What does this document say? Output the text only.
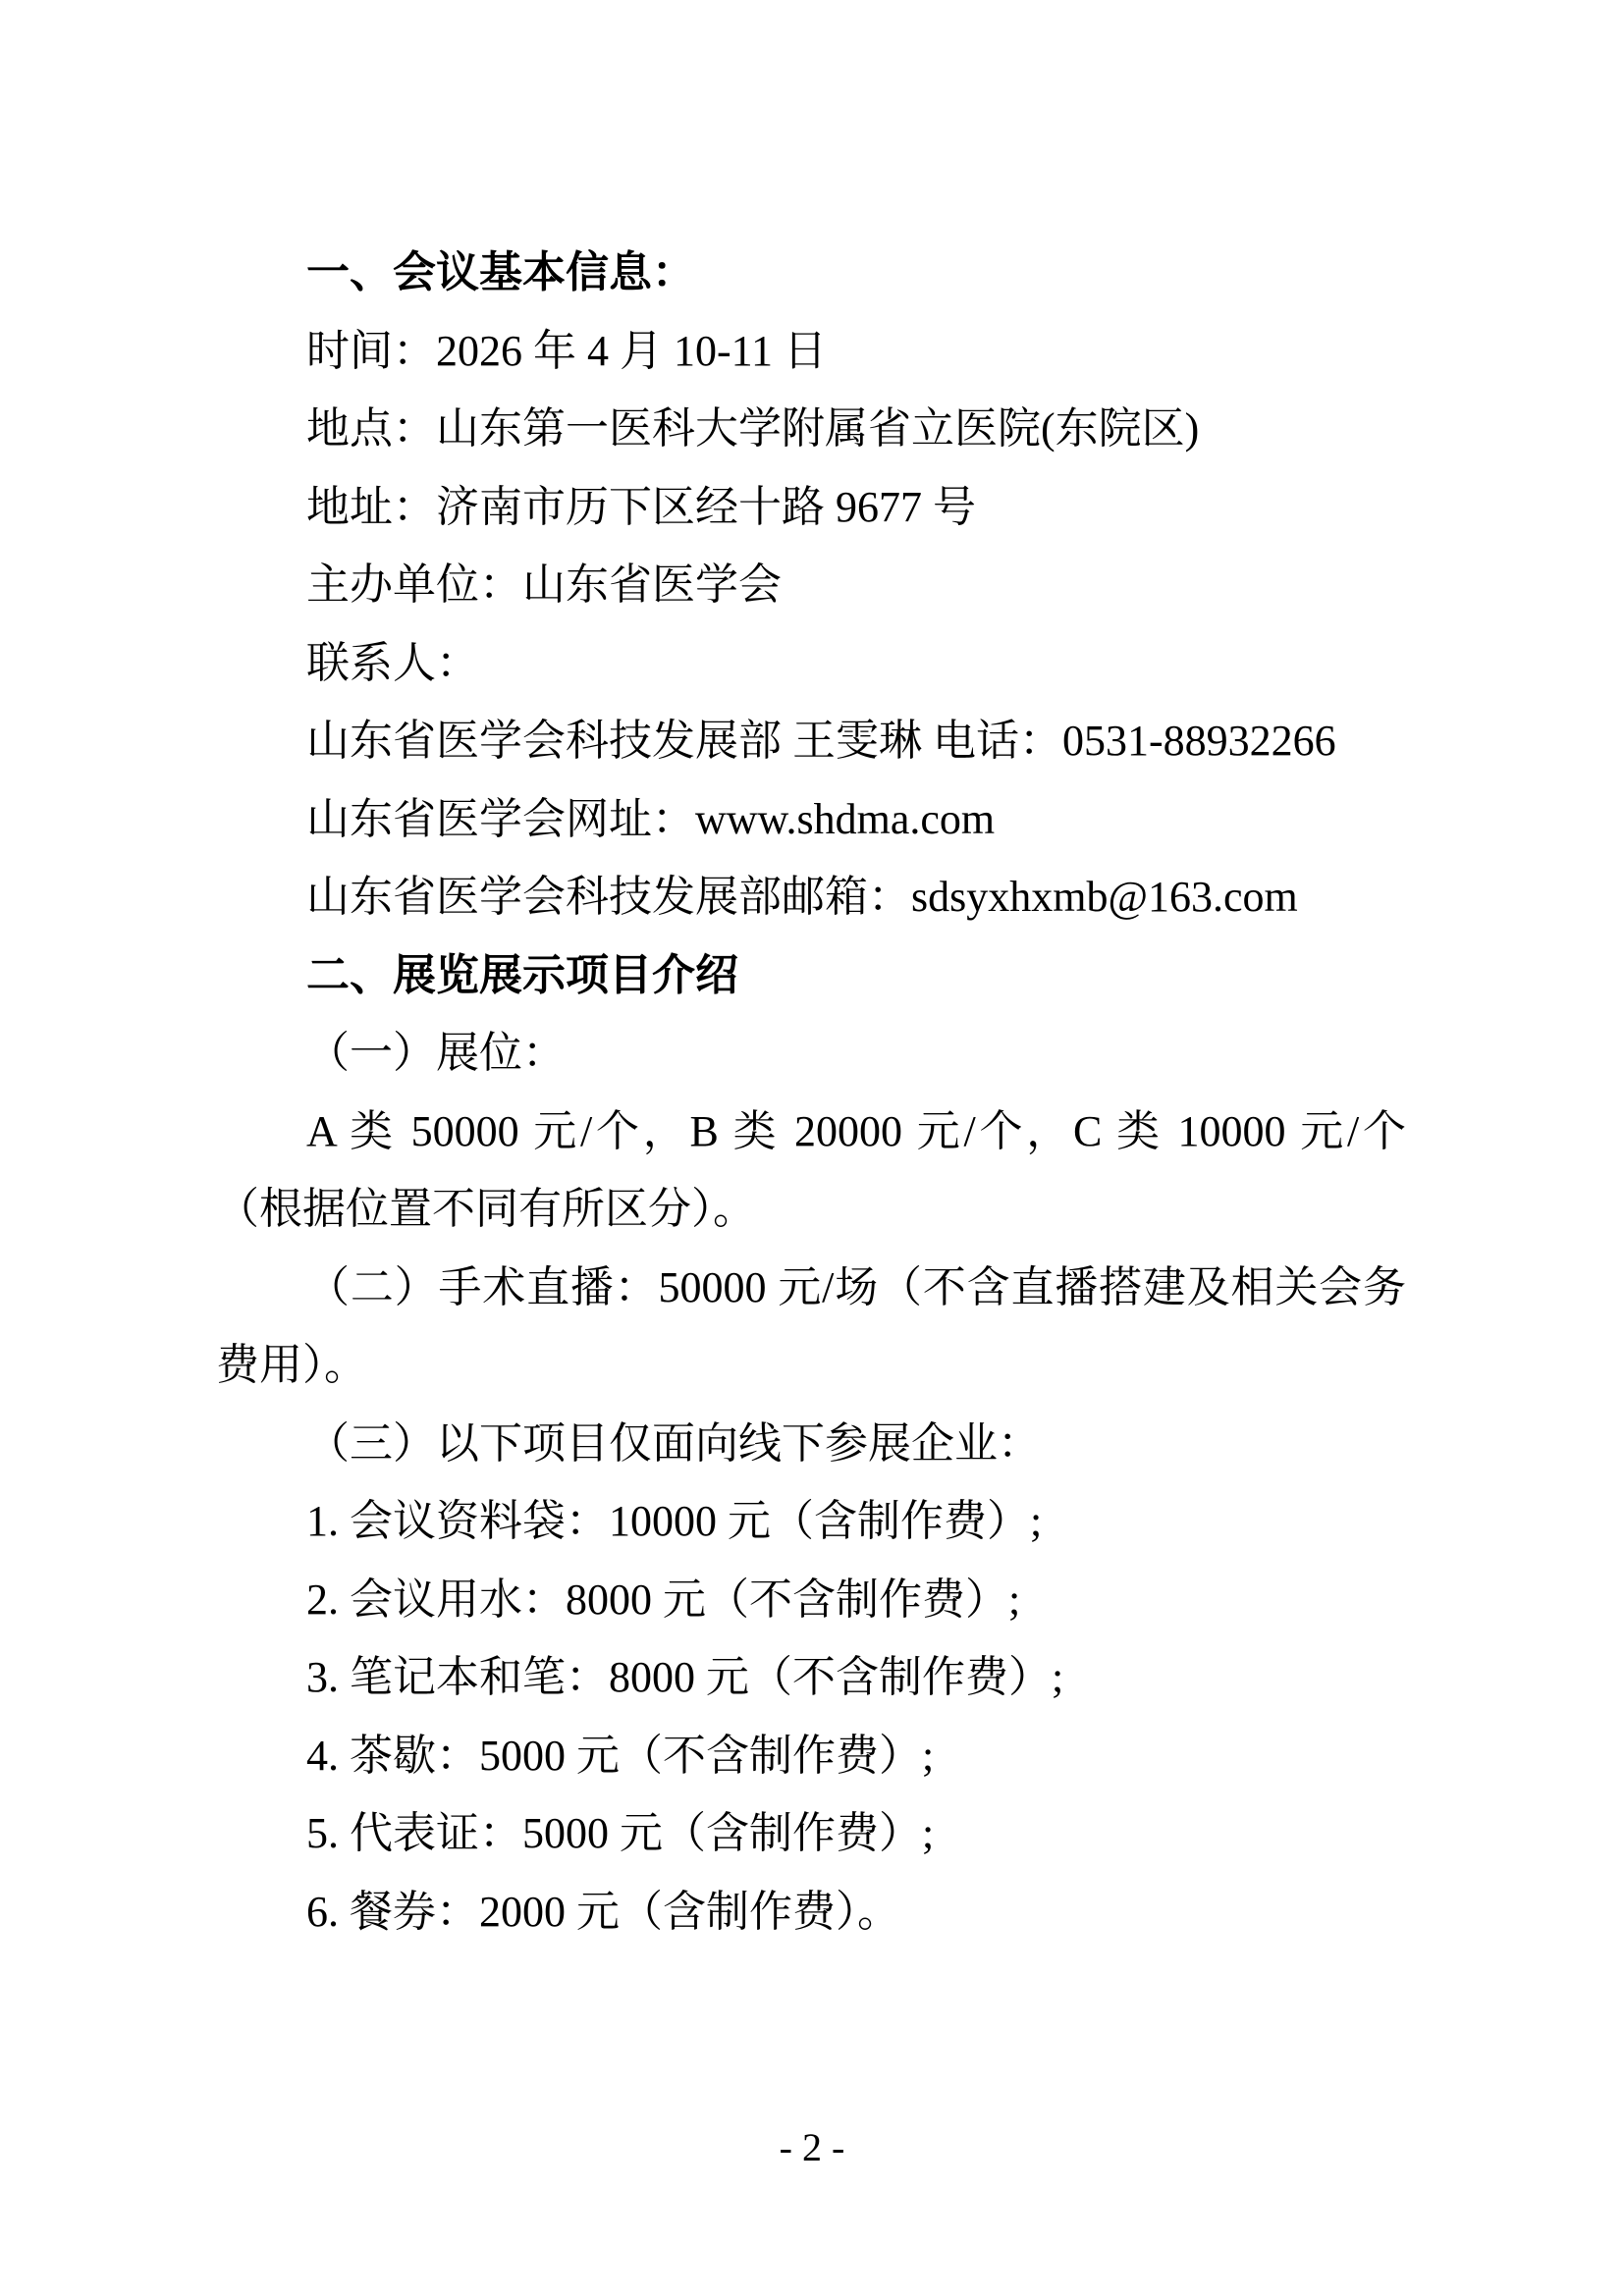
一、会议基本信息：

时间：2026 年 4 月 10-11 日

地点：山东第一医科大学附属省立医院(东院区)

地址：济南市历下区经十路 9677 号

主办单位：山东省医学会

联系人：

山东省医学会科技发展部 王雯琳 电话：0531-88932266

山东省医学会网址：www.shdma.com

山东省医学会科技发展部邮箱：sdsyxhxmb@163.com

二、展览展示项目介绍

（一）展位：

A 类 50000 元/个，B 类 20000 元/个，C 类 10000 元/个（根据位置不同有所区分）。

（二）手术直播：50000 元/场（不含直播搭建及相关会务费用）。

（三）以下项目仅面向线下参展企业：

1. 会议资料袋：10000 元（含制作费）;

2. 会议用水：8000 元（不含制作费）;

3. 笔记本和笔：8000 元（不含制作费）;

4. 茶歇：5000 元（不含制作费）;

5. 代表证：5000 元（含制作费）;

6. 餐券：2000 元（含制作费）。

- 2 -
